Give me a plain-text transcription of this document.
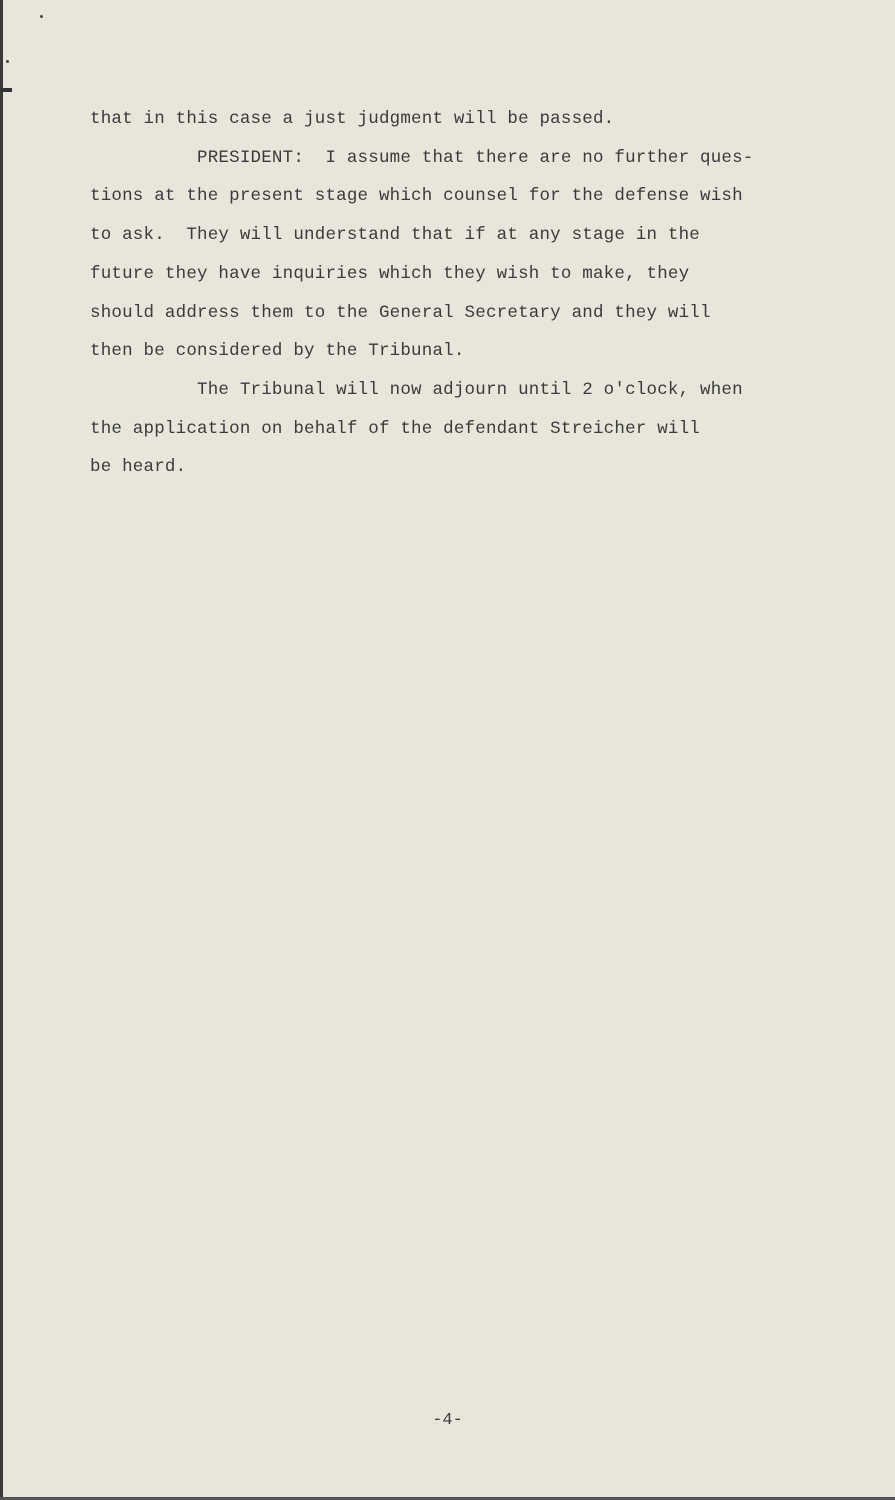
that in this case a just judgment will be passed.
PRESIDENT:  I assume that there are no further ques-
tions at the present stage which counsel for the defense wish
to ask.  They will understand that if at any stage in the
future they have inquiries which they wish to make, they
should address them to the General Secretary and they will
then be considered by the Tribunal.
The Tribunal will now adjourn until 2 o'clock, when
the application on behalf of the defendant Streicher will
be heard.
-4-
